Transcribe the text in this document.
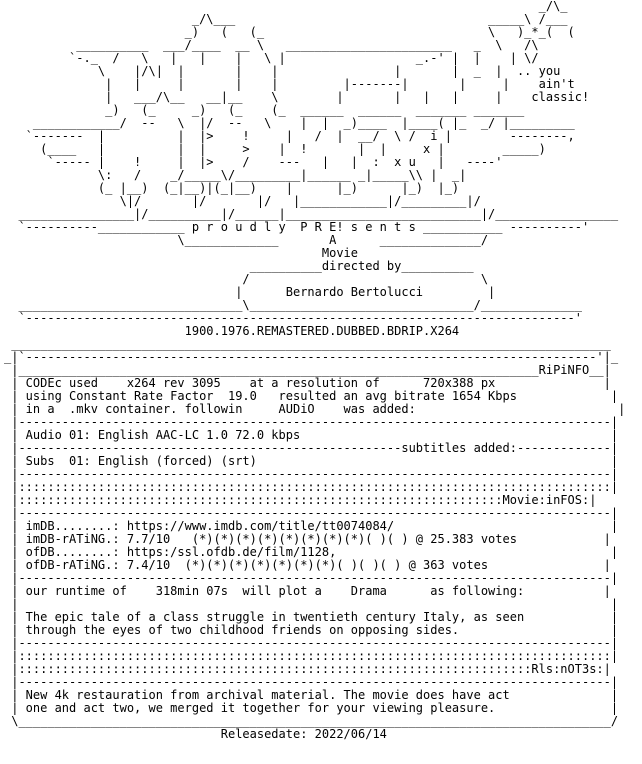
_/\_
_/\___                                   _____\ /___
_)   (   (_                               \   )_*_(  (
__________  ___/____  __ \   _______________________   _  \   /\
`-._  /   \   |   |    |   \ |                  _.-' |  |    | \/
\    |/\|  |       |    |                |       |  _  |  .. you
|   |     |       |    |         |-------|       |     |    ain't
|   ___/\__   __|__    \        |       |   |   |     |    classic!
_)   (_     _)   (_    (_  ______  ______  _______ _______
____________/  --   \  |/  --   \    |  |  _)____  |____( |_  _/ |_________
`-------  |          |  |>    !     |   /  |  __/  \ /  i |        --------,
(____   |          |  |     >    |  !       |  |     x |        _____)
`----- |    !     |  |>    /    ---   |   |  :  x u   |   ----'
\:   /    _/_____\/_________|______ _|_____\\ |  _|
(_ |__)  (_|__)|(_|__)    |      |_)      |_)  |_)
\|/       |/       |/   |____________|/_________|/
________________|/__________|/______|___________________________|/_________________
`----------____________ p r o u d l y  P R E! s e n t s ___________ ----------'
\_____________       A      ______________/
Movie
__________directed by__________
/                                \
|      Bernardo Bertolucci         |
_______________________________\_______________________________/______________
`----------------------------------------------------------------------------'
1900.1976.REMASTERED.DUBBED.BDRIP.X264
___________________________________________________________________________________
_|`-------------------------------------------------------------------------------'|_
|________________________________________________________________________RiPiNFO__|
| CODEc used    x264 rev 3095    at a resolution of      720x388 px               |
| using Constant Rate Factor  19.0   resulted an avg bitrate 1654 Kbps             |
| in a  .mkv container. followin     AUDiO    was added:                            |
|----------------------------------------------------------------------------------|
| Audio 01: English AAC-LC 1.0 72.0 kbps                                           |
|-----------------------------------------------------subtitles added:-------------|
| Subs  01: English (forced) (srt)                                                 |
|----------------------------------------------------------------------------------|
|::::::::::::::::::::::::::::::::::::::::::::::::::::::::::::::::::::::::::::::::::|
|:::::::::::::::::::::::::::::::::::::::::::::::::::::::::::::::::::Movie:inFOS:|
|----------------------------------------------------------------------------------|
| imDB........: https://www.imdb.com/title/tt0074084/                              |
| imDB-rATiNG.: 7.7/10   (*)(*)(*)(*)(*)(*)(*)(*)( )( ) @ 25.383 votes            |
| ofDB........: https:/ssl.ofdb.de/film/1128,                                      |
| ofDB-rATiNG.: 7.4/10  (*)(*)(*)(*)(*)(*)(*)( )( )( ) @ 363 votes                |
|----------------------------------------------------------------------------------|
| our runtime of    318min 07s  will plot a    Drama      as following:           |
|                                                                                  |
| The epic tale of a class struggle in twentieth century Italy, as seen            |
| through the eyes of two childhood friends on opposing sides.                     |
|----------------------------------------------------------------------------------|
|::::::::::::::::::::::::::::::::::::::::::::::::::::::::::::::::::::::::::::::::::|
|:::::::::::::::::::::::::::::::::::::::::::::::::::::::::::::::::::::::Rls:nOT3s:|
|----------------------------------------------------------------------------------|
| New 4k restauration from archival material. The movie does have act              |
| one and act two, we merged it together for your viewing pleasure.                |
\__________________________________________________________________________________/
Releasedate: 2022/06/14
